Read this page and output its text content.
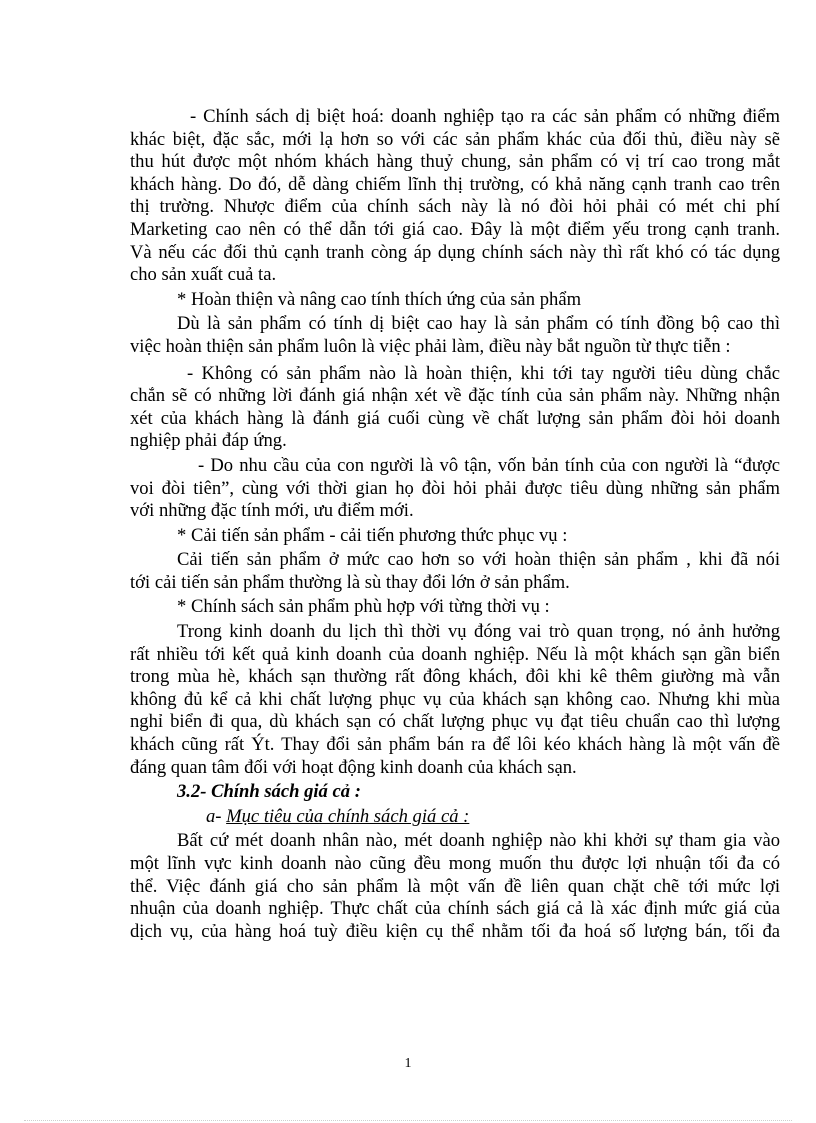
- Chính sách dị biệt hoá: doanh nghiệp tạo ra các sản phẩm có những điểm
khác biệt, đặc sắc, mới lạ hơn so với các sản phẩm khác của đối thủ, điều này sẽ
thu hút được một nhóm khách hàng thuỷ chung, sản phẩm có vị trí cao trong mắt
khách hàng. Do đó, dễ dàng chiếm lĩnh thị trường, có khả năng cạnh tranh cao trên
thị trường. Nhược điểm của chính sách này là nó đòi hỏi phải có mét chi phí
Marketing cao nên có thể dẫn tới giá cao. Đây là một điểm yếu trong cạnh tranh.
Và nếu các đối thủ cạnh tranh còng áp dụng chính sách này thì rất khó có tác dụng
cho sản xuất cuả ta.
* Hoàn thiện và nâng cao tính thích ứng của sản phẩm
Dù là sản phẩm có tính dị biệt cao hay là sản phẩm có tính đồng bộ cao thì
việc hoàn thiện sản phẩm luôn là việc phải làm, điều này bắt nguồn từ thực tiễn :
- Không có sản phẩm nào là hoàn thiện, khi tới tay người tiêu dùng chắc
chắn sẽ có những lời đánh giá nhận xét về đặc tính của sản phẩm này. Những nhận
xét của khách hàng là đánh giá cuối cùng về chất lượng sản phẩm đòi hỏi doanh
nghiệp phải đáp ứng.
- Do nhu cầu của con người là vô tận, vốn bản tính của con người là “được
voi đòi tiên”, cùng với thời gian họ đòi hỏi phải được tiêu dùng những sản phẩm
với những đặc tính mới, ưu điểm mới.
* Cải tiến sản phẩm - cải tiến phương thức phục vụ :
Cải tiến sản phẩm ở mức cao hơn so với hoàn thiện sản phẩm , khi đã nói
tới cải tiến sản phẩm thường là sù thay đổi lớn ở sản phẩm.
* Chính sách sản phẩm phù hợp với từng thời vụ :
Trong kinh doanh du lịch thì thời vụ đóng vai trò quan trọng, nó ảnh hưởng
rất nhiều tới kết quả kinh doanh của doanh nghiệp. Nếu là một khách sạn gần biển
trong mùa hè, khách sạn thường rất đông khách, đôi khi kê thêm giường mà vẫn
không đủ kể cả khi chất lượng phục vụ của khách sạn không cao. Nhưng khi mùa
nghỉ biển đi qua, dù khách sạn có chất lượng phục vụ đạt tiêu chuẩn cao thì lượng
khách cũng rất Ýt. Thay đổi sản phẩm bán ra để lôi kéo khách hàng là một vấn đề
đáng quan tâm đối với hoạt động kinh doanh của khách sạn.
3.2- Chính sách giá cả :
a- Mục tiêu của chính sách giá cả :
Bất cứ mét doanh nhân nào, mét doanh nghiệp nào khi khởi sự tham gia vào
một lĩnh vực kinh doanh nào cũng đều mong muốn thu được lợi nhuận tối đa có
thể. Việc đánh giá cho sản phẩm là một vấn đề liên quan chặt chẽ tới mức lợi
nhuận của doanh nghiệp. Thực chất của chính sách giá cả là xác định mức giá của
dịch vụ, của hàng hoá tuỳ điều kiện cụ thể nhằm tối đa hoá số lượng bán, tối đa
1
